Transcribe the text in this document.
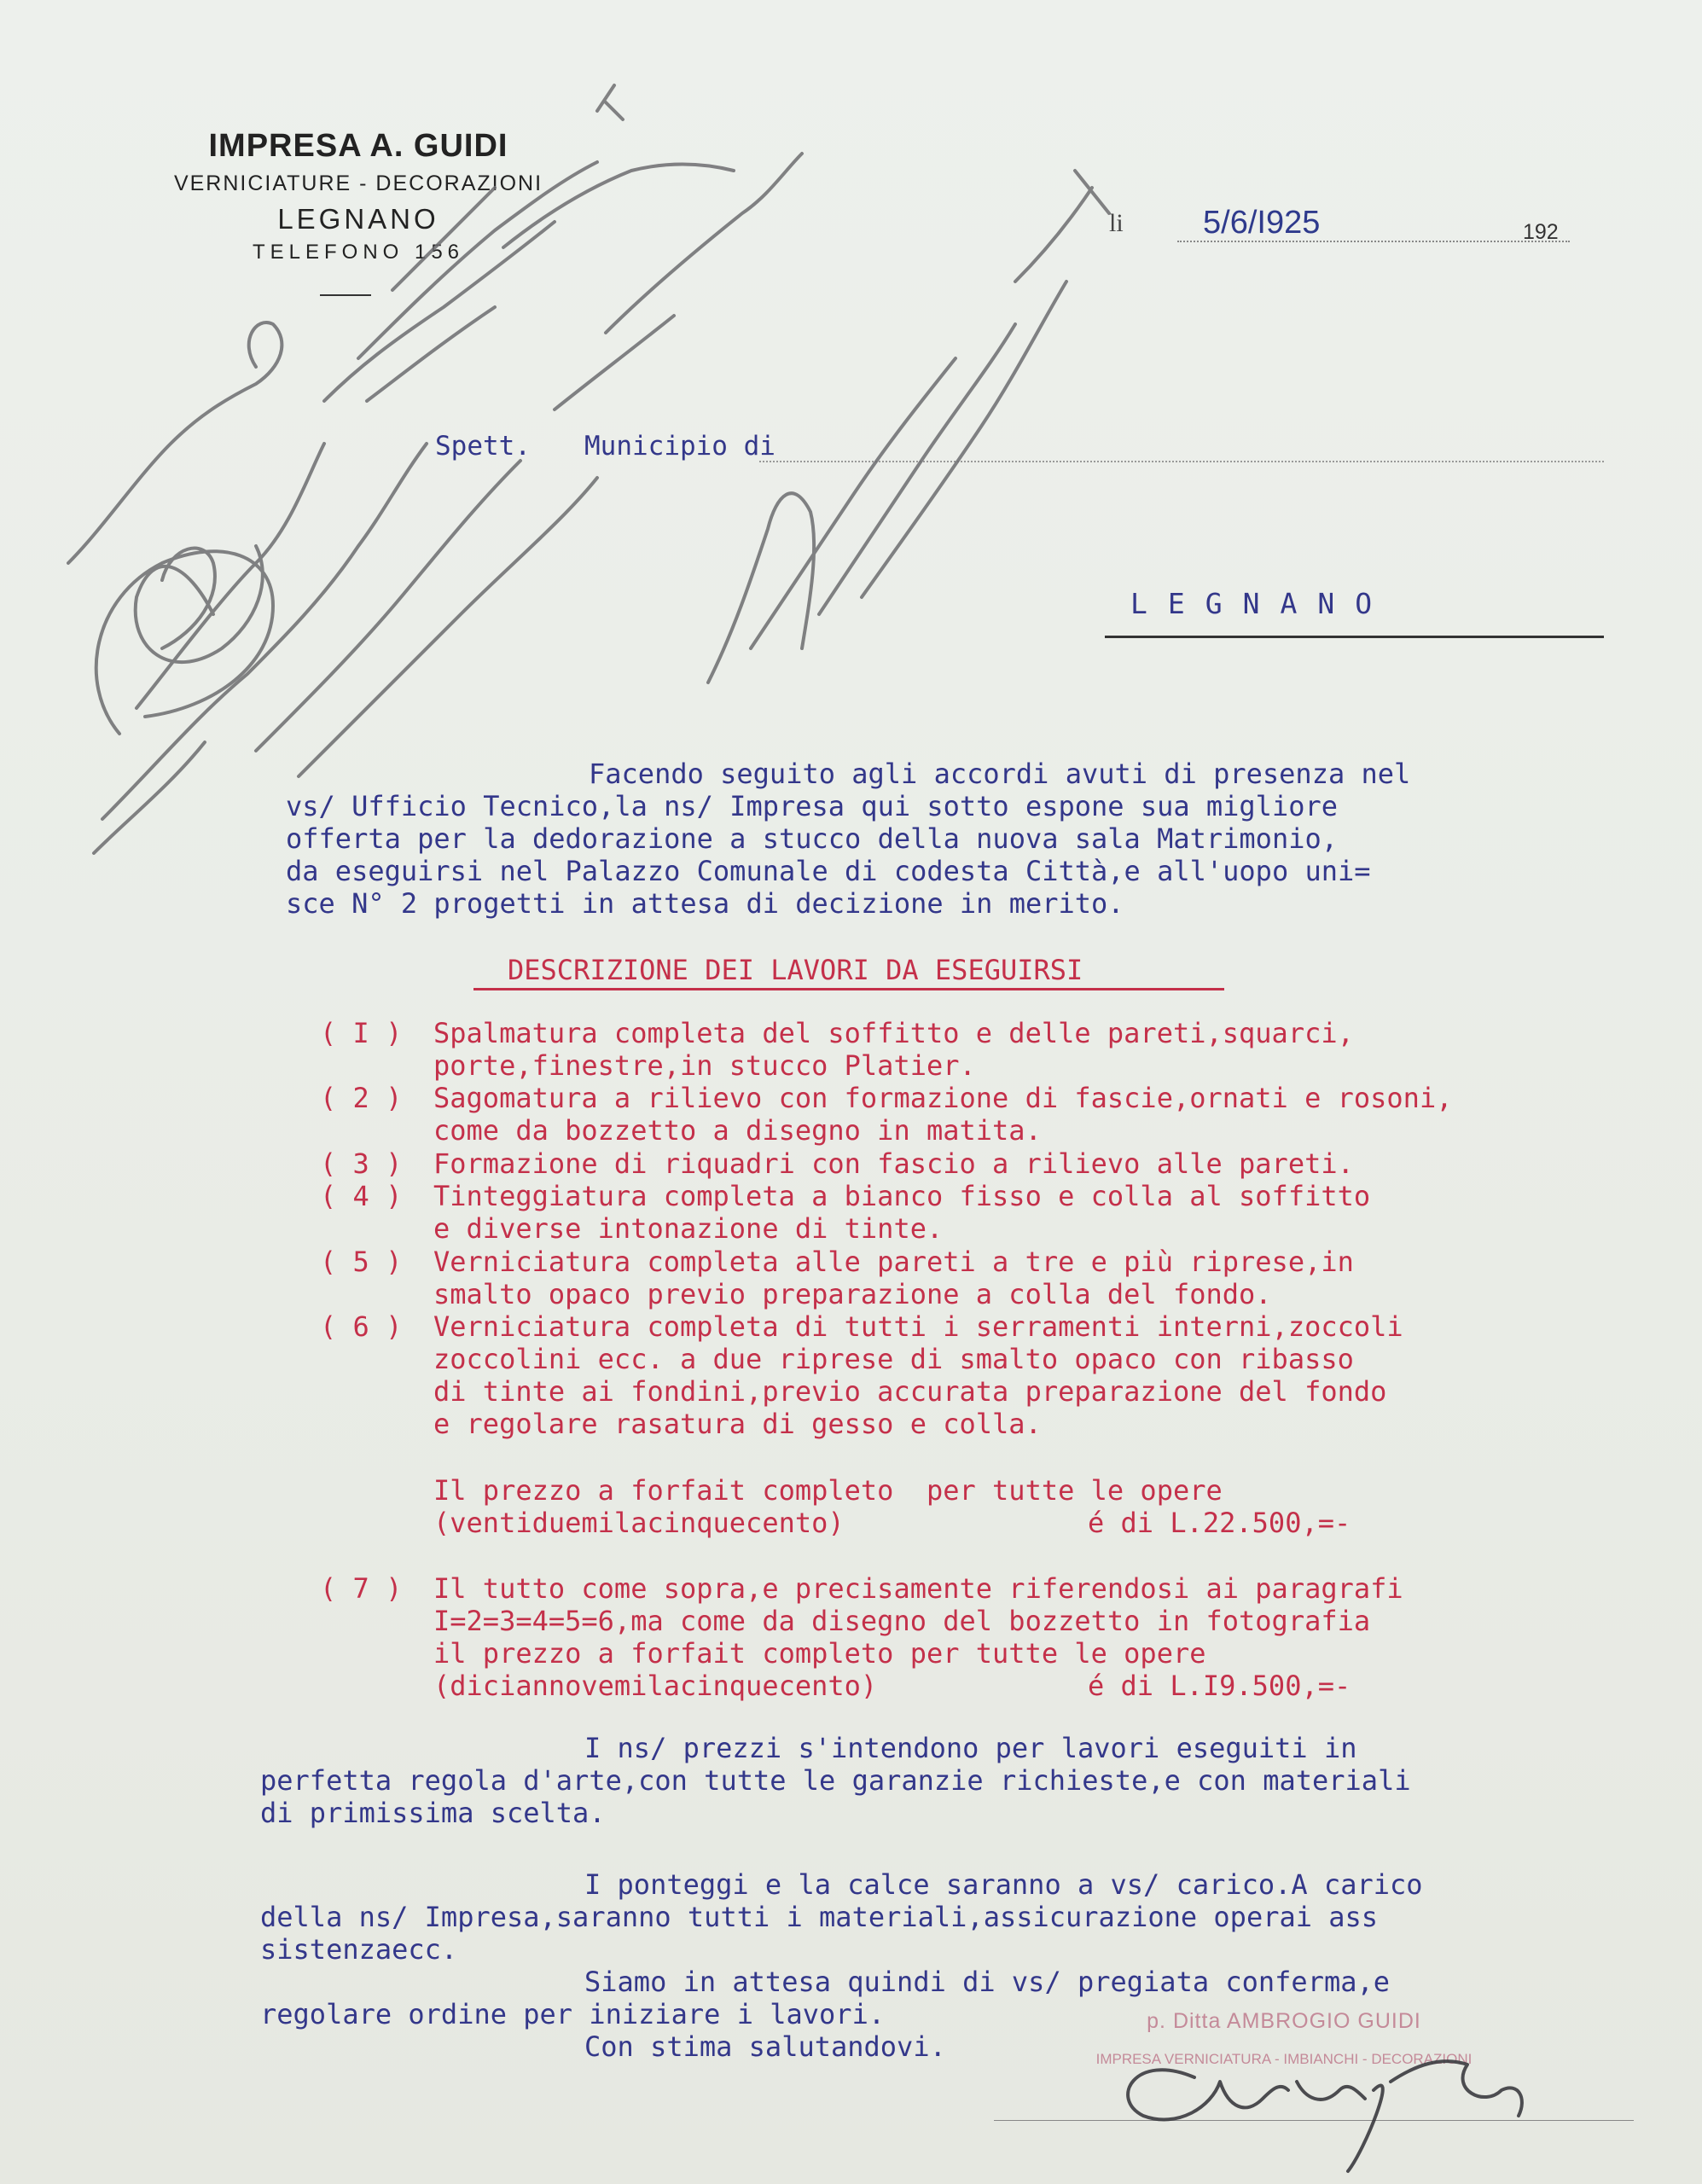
IMPRESA A. GUIDI
VERNICIATURE - DECORAZIONI
LEGNANO
TELEFONO 156
li 5/6/I925	192
Spett. Municipio di
LEGNANO
Facendo seguito agli accordi avuti di presenza nel
vs/ Ufficio Tecnico,la ns/ Impresa qui sotto espone sua migliore
offerta per la dedorazione a stucco della nuova sala Matrimonio,
da eseguirsi nel Palazzo Comunale di codesta Città,e all'uopo uni=
sce N° 2 progetti in attesa di decizione in merito.
DESCRIZIONE DEI LAVORI DA ESEGUIRSI
( I ) Spalmatura completa del soffitto e delle pareti,squarci,
porte,finestre,in stucco Platier.
( 2 ) Sagomatura a rilievo con formazione di fascie,ornati e rosoni,
come da bozzetto a disegno in matita.
( 3 ) Formazione di riquadri con fascio a rilievo alle pareti.
( 4 ) Tinteggiatura completa a bianco fisso e colla al soffitto
e diverse intonazione di tinte.
( 5 ) Verniciatura completa alle pareti a tre e più riprese,in
smalto opaco previo preparazione a colla del fondo.
( 6 ) Verniciatura completa di tutti i serramenti interni,zoccoli
zoccolini ecc. a due riprese di smalto opaco con ribasso
di tinte ai fondini,previo accurata preparazione del fondo
e regolare rasatura di gesso e colla.
Il prezzo a forfait completo  per tutte le opere
(ventiduemilacinquecento)	é di L.22.500,=-
( 7 ) Il tutto come sopra,e precisamente riferendosi ai paragrafi
I=2=3=4=5=6,ma come da disegno del bozzetto in fotografia
il prezzo a forfait completo per tutte le opere
(diciannovemilacinquecento)	é di L.I9.500,=-
I ns/ prezzi s'intendono per lavori eseguiti in
perfetta regola d'arte,con tutte le garanzie richieste,e con materiali
di primissima scelta.
I ponteggi e la calce saranno a vs/ carico.A carico
della ns/ Impresa,saranno tutti i materiali,assicurazione operai ass
sistenzaecc.
Siamo in attesa quindi di vs/ pregiata conferma,e
regolare ordine per iniziare i lavori.
Con stima salutandovi.
p. Ditta AMBROGIO GUIDI
IMPRESA VERNICIATURA - IMBIANCHI - DECORAZIONI
